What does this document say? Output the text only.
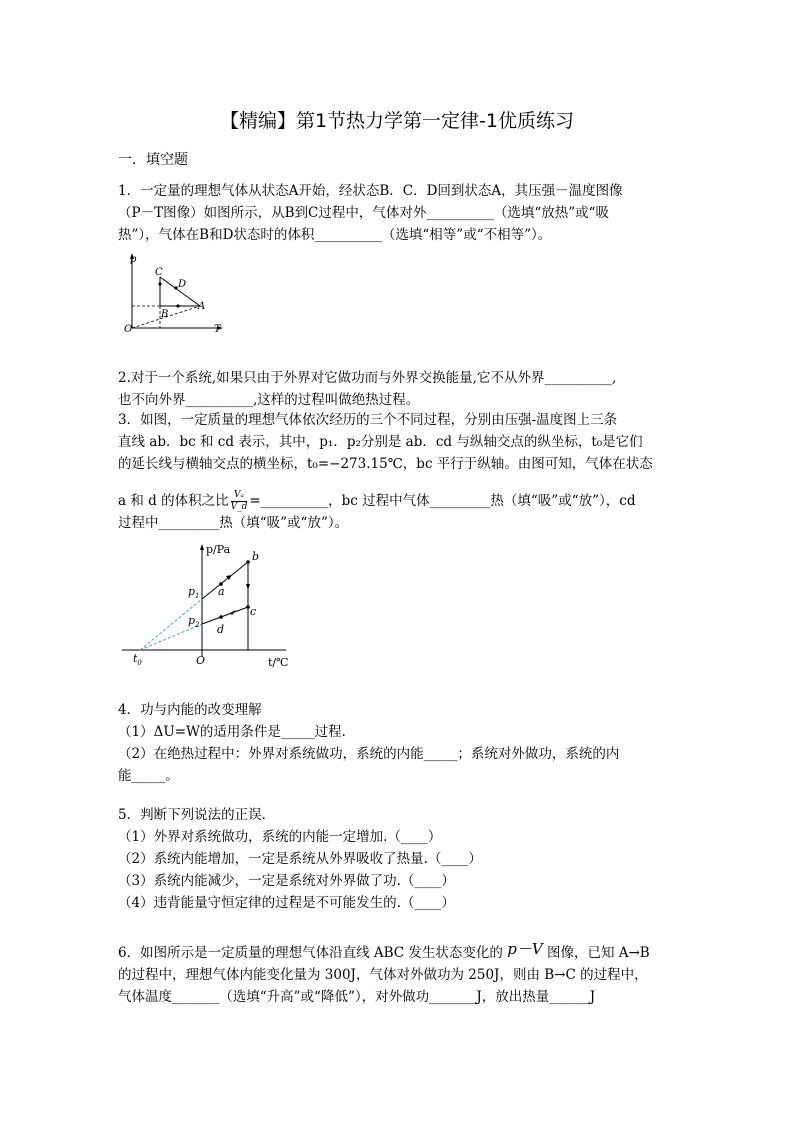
【精编】第1节热力学第一定律-1优质练习
一．填空题
1．一定量的理想气体从状态A开始，经状态B．C．D回到状态A，其压强－温度图像
（P－T图像）如图所示，从B到C过程中，气体对外__________（选填“放热”或“吸
热”），气体在B和D状态时的体积__________（选填“相等”或“不相等”）。
p
T
O
C
D
B
A
2.对于一个系统,如果只由于外界对它做功而与外界交换能量,它不从外界__________,
也不向外界__________,这样的过程叫做绝热过程。
3．如图，一定质量的理想气体依次经历的三个不同过程，分别由压强-温度图上三条
直线 ab．bc 和 cd 表示，其中，p₁．p₂分别是 ab．cd 与纵轴交点的纵坐标，t₀是它们
的延长线与横轴交点的横坐标，t₀=−273.15℃，bc 平行于纵轴。由图可知，气体在状态
a 和 d 的体积之比 $\frac{\text{Vₐ}}{V\_d}$ =__________，bc 过程中气体_________热（填“吸”或“放”），cd
过程中_________热（填“吸”或“放”）。
p/Pa
t/℃
O
$t_0$
$p_1$
$p_2$
a
b
c
d
4．功与内能的改变理解
（1）ΔU=W的适用条件是_____过程．
（2）在绝热过程中：外界对系统做功，系统的内能_____；系统对外做功，系统的内
能_____。
5．判断下列说法的正误．
（1）外界对系统做功，系统的内能一定增加.（____）
（2）系统内能增加，一定是系统从外界吸收了热量.（____）
（3）系统内能减少，一定是系统对外界做了功.（____）
（4）违背能量守恒定律的过程是不可能发生的.（____）
6．如图所示是一定质量的理想气体沿直线 ABC 发生状态变化的 p－V 图像，已知 A→B
的过程中，理想气体内能变化量为 300J，气体对外做功为 250J，则由 B→C 的过程中，
气体温度_______（选填“升高”或“降低”），对外做功_______J，放出热量______J
